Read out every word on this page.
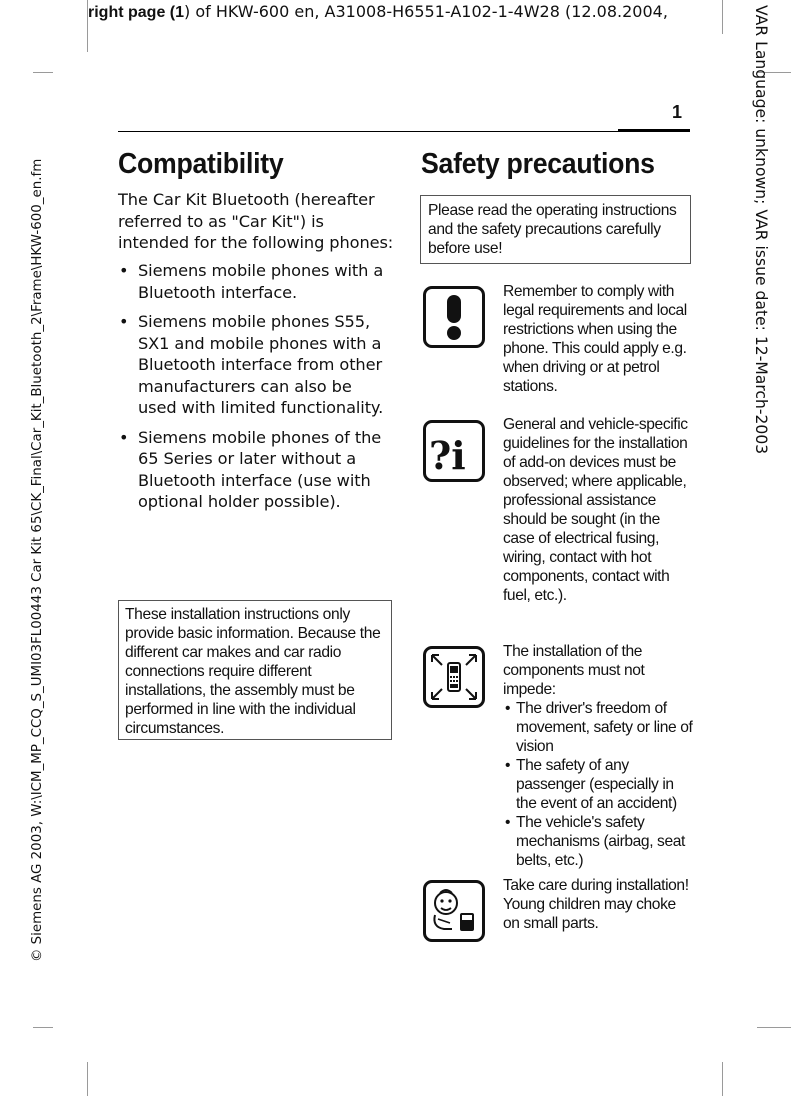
right page (1) of HKW-600 en, A31008-H6551-A102-1-4W28 (12.08.2004,
© Siemens AG 2003, W:\ICM_MP_CCQ_S_UMI03FL00443 Car Kit 65\CK_Final\Car_Kit_Bluetooth_2\Frame\HKW-600_en.fm	VAR Language: unknown; VAR issue date: 12-March-2003
1
Compatibility

The Car Kit Bluetooth (hereafter referred to as "Car Kit") is intended for the following phones:

• Siemens mobile phones with a Bluetooth interface.
• Siemens mobile phones S55, SX1 and mobile phones with a Bluetooth interface from other manufacturers can also be used with limited functionality.
• Siemens mobile phones of the 65 Series or later without a Bluetooth interface (use with optional holder possible).

These installation instructions only provide basic information. Because the different car makes and car radio connections require different installations, the assembly must be performed in line with the individual circumstances.

Safety precautions

Please read the operating instructions and the safety precautions carefully before use!

Remember to comply with legal requirements and local restrictions when using the phone. This could apply e.g. when driving or at petrol stations.

?i

General and vehicle-specific guidelines for the installation of add-on devices must be observed; where applicable, professional assistance should be sought (in the case of electrical fusing, wiring, contact with hot components, contact with fuel, etc.).

The installation of the components must not impede:

• The driver's freedom of movement, safety or line of vision
• The safety of any passenger (especially in the event of an accident)
• The vehicle's safety mechanisms (airbag, seat belts, etc.)

Take care during installation! Young children may choke on small parts.
